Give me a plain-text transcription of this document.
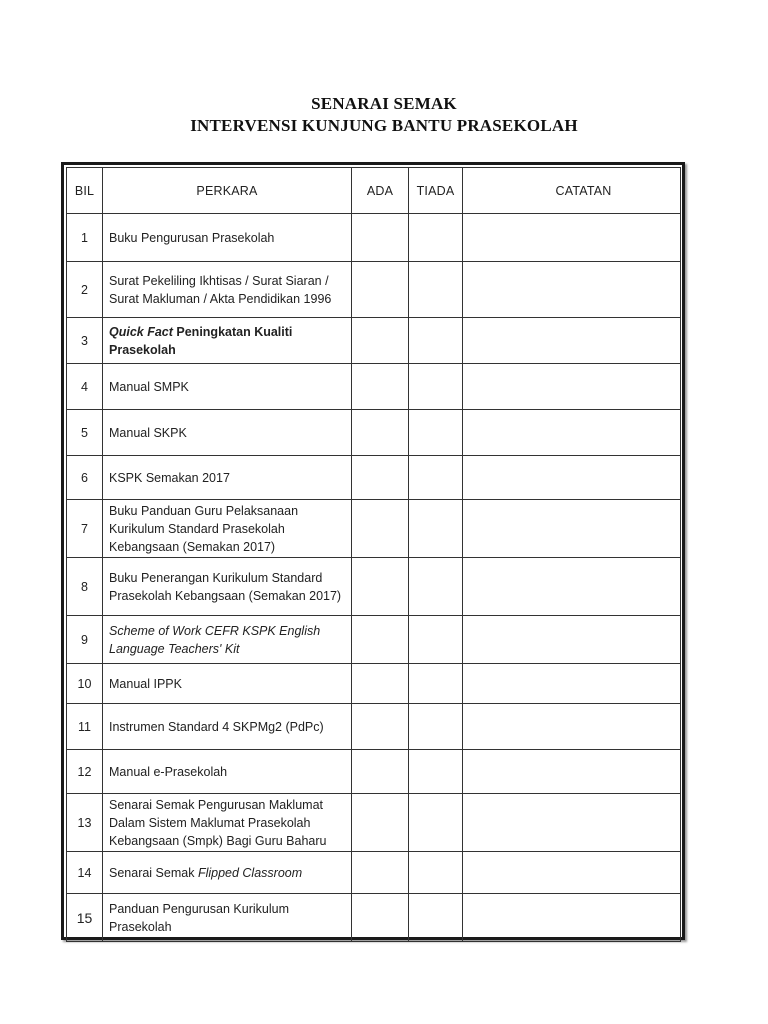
SENARAI SEMAK
INTERVENSI KUNJUNG BANTU PRASEKOLAH
BIL	PERKARA	ADA	TIADA	CATATAN
1	Buku Pengurusan Prasekolah			
2	Surat Pekeliling Ikhtisas / Surat Siaran / Surat Makluman / Akta Pendidikan 1996			
3	Quick Fact Peningkatan Kualiti Prasekolah			
4	Manual SMPK			
5	Manual SKPK			
6	KSPK Semakan 2017			
7	Buku Panduan Guru Pelaksanaan Kurikulum Standard Prasekolah Kebangsaan (Semakan 2017)			
8	Buku Penerangan Kurikulum Standard Prasekolah Kebangsaan (Semakan 2017)			
9	Scheme of Work CEFR KSPK English Language Teachers' Kit			
10	Manual IPPK			
11	Instrumen Standard 4 SKPMg2 (PdPc)			
12	Manual e-Prasekolah			
13	Senarai Semak Pengurusan Maklumat Dalam Sistem Maklumat Prasekolah Kebangsaan (Smpk) Bagi Guru Baharu			
14	Senarai Semak Flipped Classroom			
15	Panduan Pengurusan Kurikulum Prasekolah			
